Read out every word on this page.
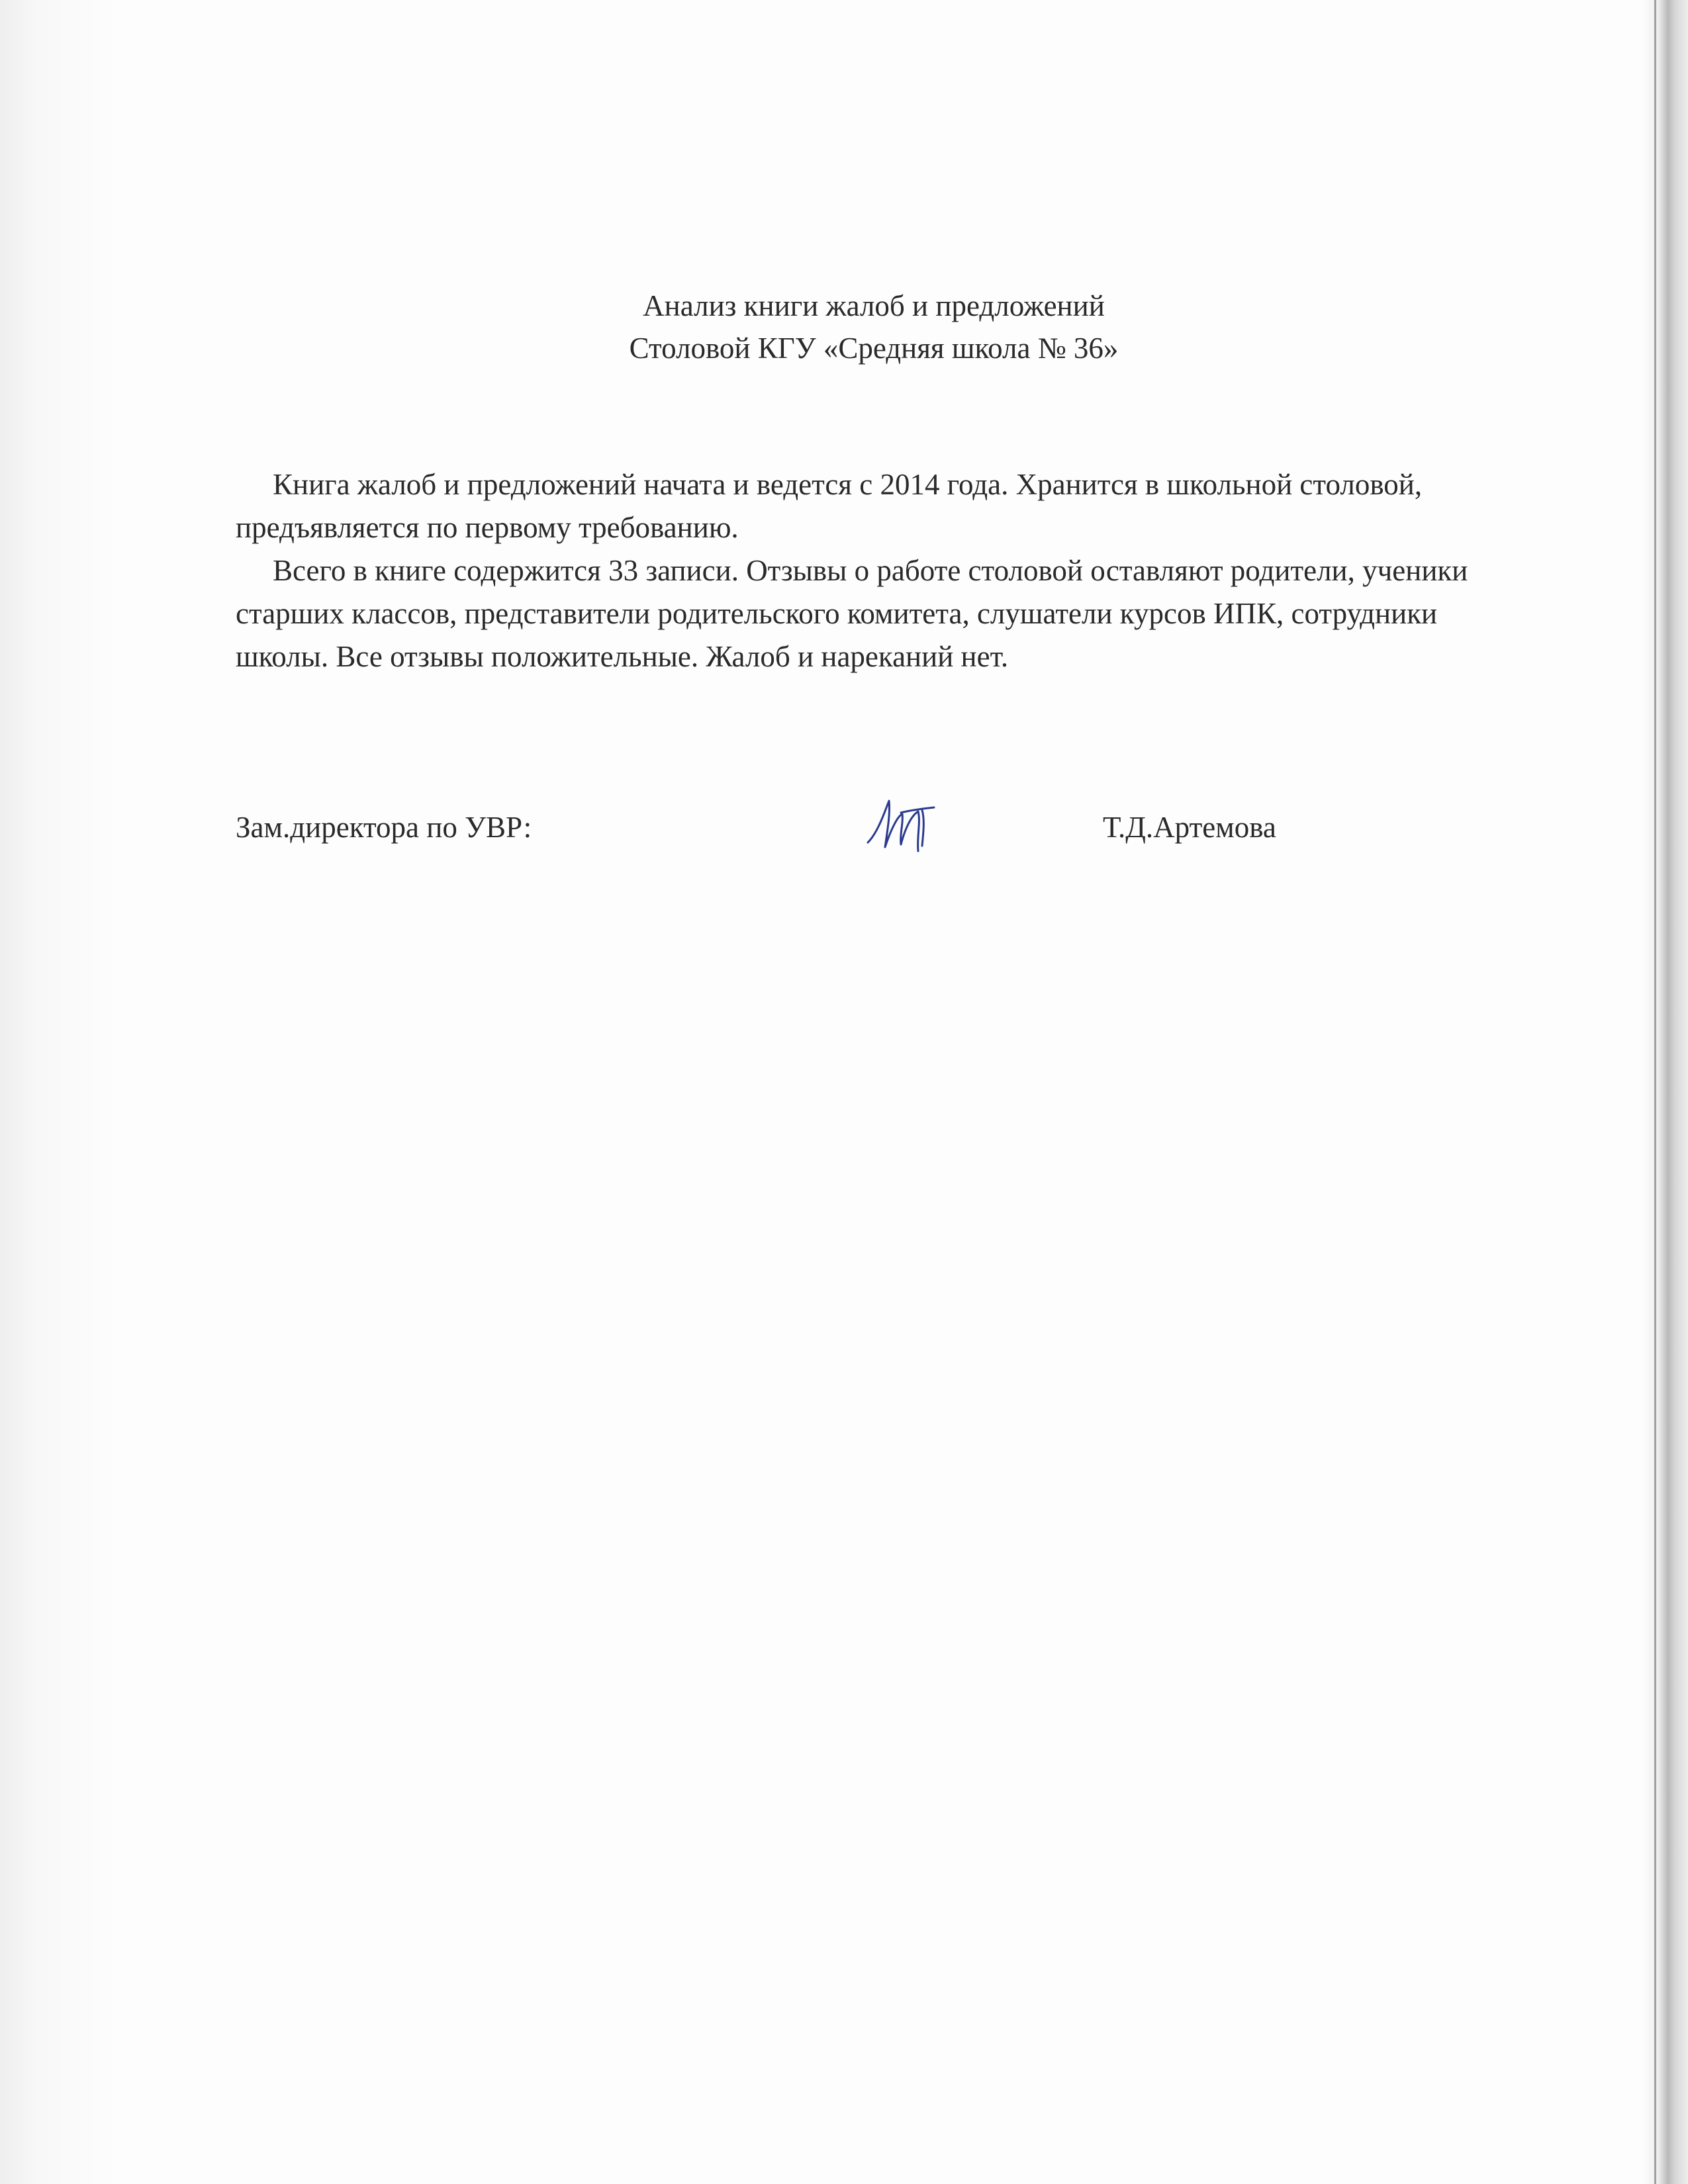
Анализ книги жалоб и предложений
Столовой КГУ «Средняя школа № 36»

Книга жалоб и предложений начата и ведется с 2014 года. Хранится в школьной столовой, предъявляется по первому требованию.

Всего в книге содержится 33 записи. Отзывы о работе столовой оставляют родители, ученики старших классов, представители родительского комитета, слушатели курсов ИПК, сотрудники школы. Все отзывы положительные. Жалоб и нареканий нет.

Зам.директора по УВР:	Т.Д.Артемова
